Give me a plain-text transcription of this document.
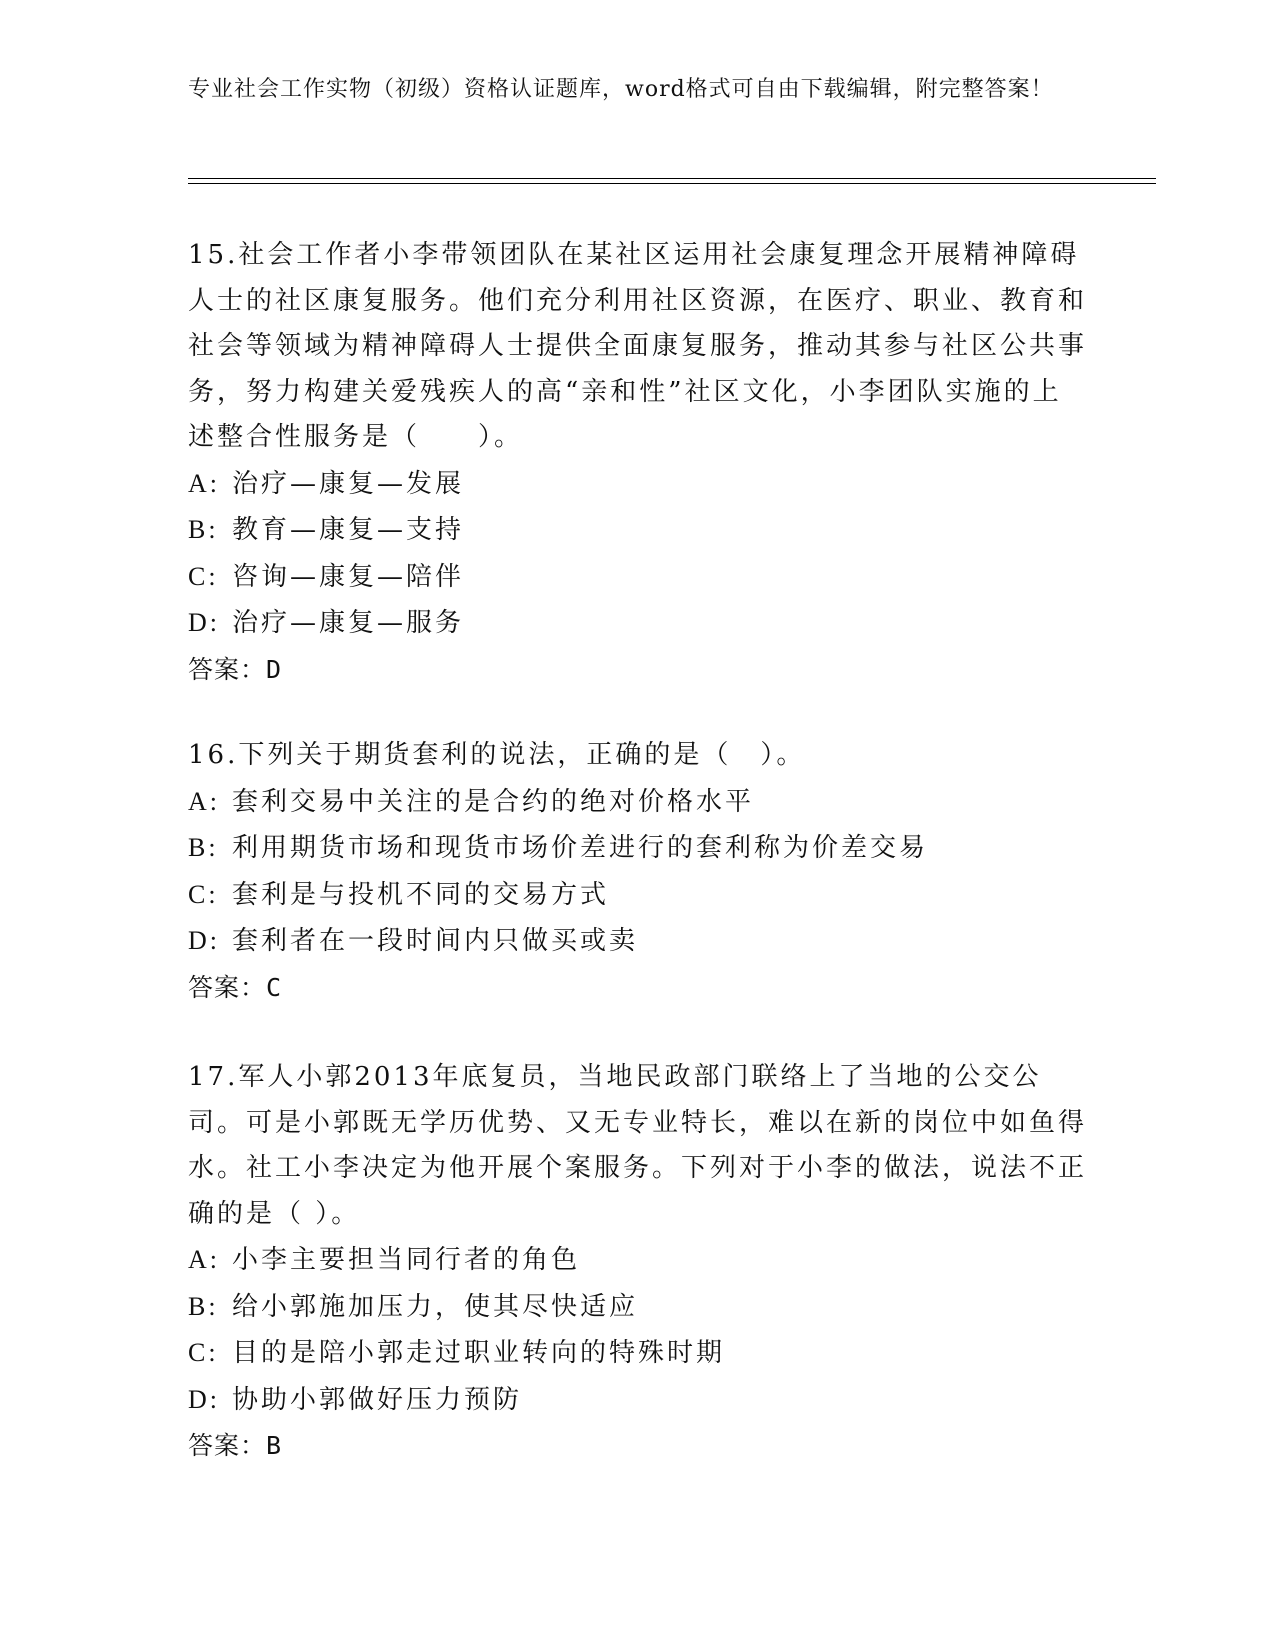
专业社会工作实物（初级）资格认证题库，word格式可自由下载编辑，附完整答案！

15.社会工作者小李带领团队在某社区运用社会康复理念开展精神障碍人士的社区康复服务。他们充分利用社区资源，在医疗、职业、教育和社会等领域为精神障碍人士提供全面康复服务，推动其参与社区公共事务，努力构建关爱残疾人的高“亲和性”社区文化，小李团队实施的上述整合性服务是（　　）。

A: 治疗—康复—发展

B: 教育—康复—支持

C: 咨询—康复—陪伴

D: 治疗—康复—服务

答案：D

16.下列关于期货套利的说法，正确的是（　）。

A: 套利交易中关注的是合约的绝对价格水平

B: 利用期货市场和现货市场价差进行的套利称为价差交易

C: 套利是与投机不同的交易方式

D: 套利者在一段时间内只做买或卖

答案：C

17.军人小郭2013年底复员，当地民政部门联络上了当地的公交公司。可是小郭既无学历优势、又无专业特长，难以在新的岗位中如鱼得水。社工小李决定为他开展个案服务。下列对于小李的做法，说法不正确的是（ ）。

A: 小李主要担当同行者的角色

B: 给小郭施加压力，使其尽快适应

C: 目的是陪小郭走过职业转向的特殊时期

D: 协助小郭做好压力预防

答案：B
